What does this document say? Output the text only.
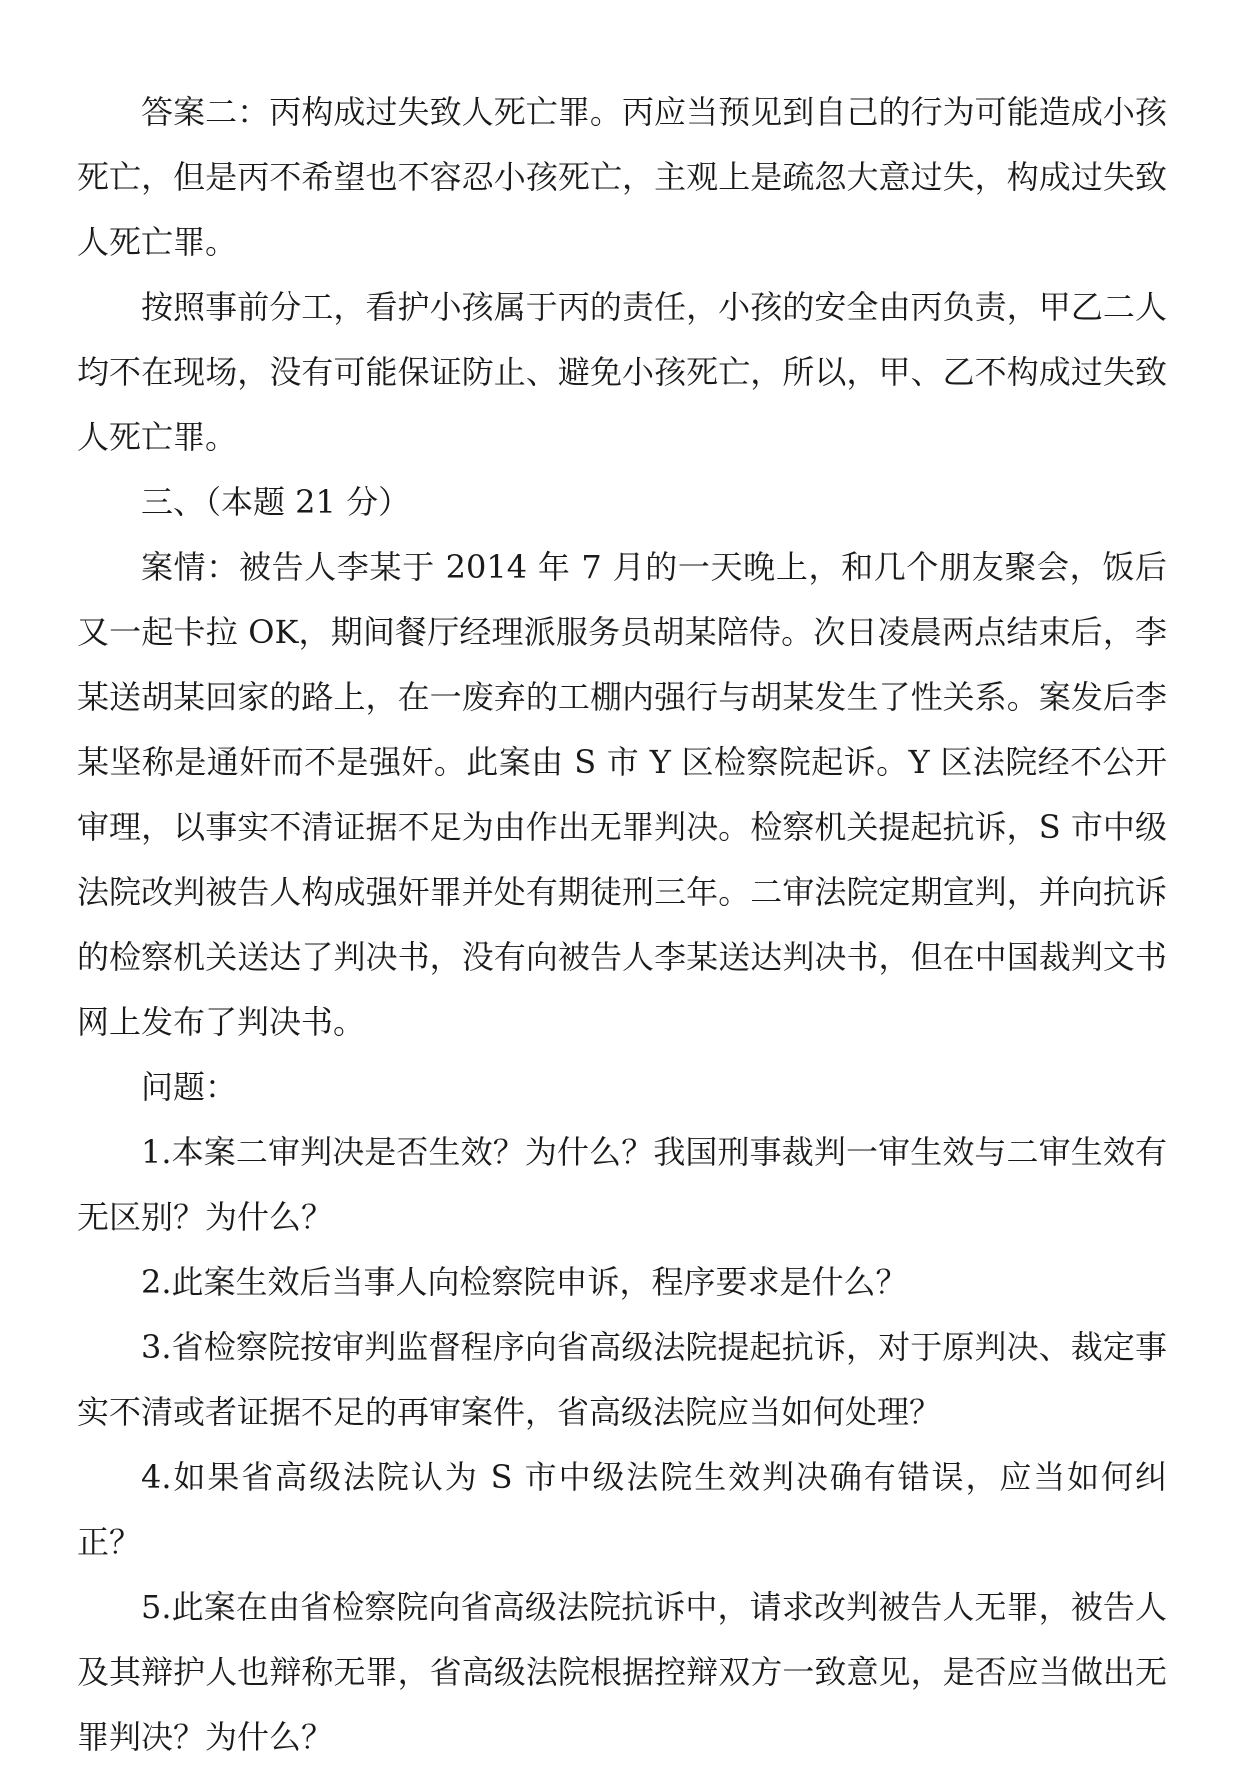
答案二：丙构成过失致人死亡罪。丙应当预见到自己的行为可能造成小孩死亡，但是丙不希望也不容忍小孩死亡，主观上是疏忽大意过失，构成过失致人死亡罪。

按照事前分工，看护小孩属于丙的责任，小孩的安全由丙负责，甲乙二人均不在现场，没有可能保证防止、避免小孩死亡，所以，甲、乙不构成过失致人死亡罪。

三、（本题 21 分）

案情：被告人李某于 2014 年 7 月的一天晚上，和几个朋友聚会，饭后又一起卡拉 OK，期间餐厅经理派服务员胡某陪侍。次日凌晨两点结束后，李某送胡某回家的路上，在一废弃的工棚内强行与胡某发生了性关系。案发后李某坚称是通奸而不是强奸。此案由 S 市 Y 区检察院起诉。Y 区法院经不公开审理，以事实不清证据不足为由作出无罪判决。检察机关提起抗诉，S 市中级法院改判被告人构成强奸罪并处有期徒刑三年。二审法院定期宣判，并向抗诉的检察机关送达了判决书，没有向被告人李某送达判决书，但在中国裁判文书网上发布了判决书。

问题：

1.本案二审判决是否生效？为什么？我国刑事裁判一审生效与二审生效有无区别？为什么？

2.此案生效后当事人向检察院申诉，程序要求是什么？

3.省检察院按审判监督程序向省高级法院提起抗诉，对于原判决、裁定事实不清或者证据不足的再审案件，省高级法院应当如何处理？

4.如果省高级法院认为 S 市中级法院生效判决确有错误，应当如何纠正？

5.此案在由省检察院向省高级法院抗诉中，请求改判被告人无罪，被告人及其辩护人也辩称无罪，省高级法院根据控辩双方一致意见，是否应当做出无罪判决？为什么？
